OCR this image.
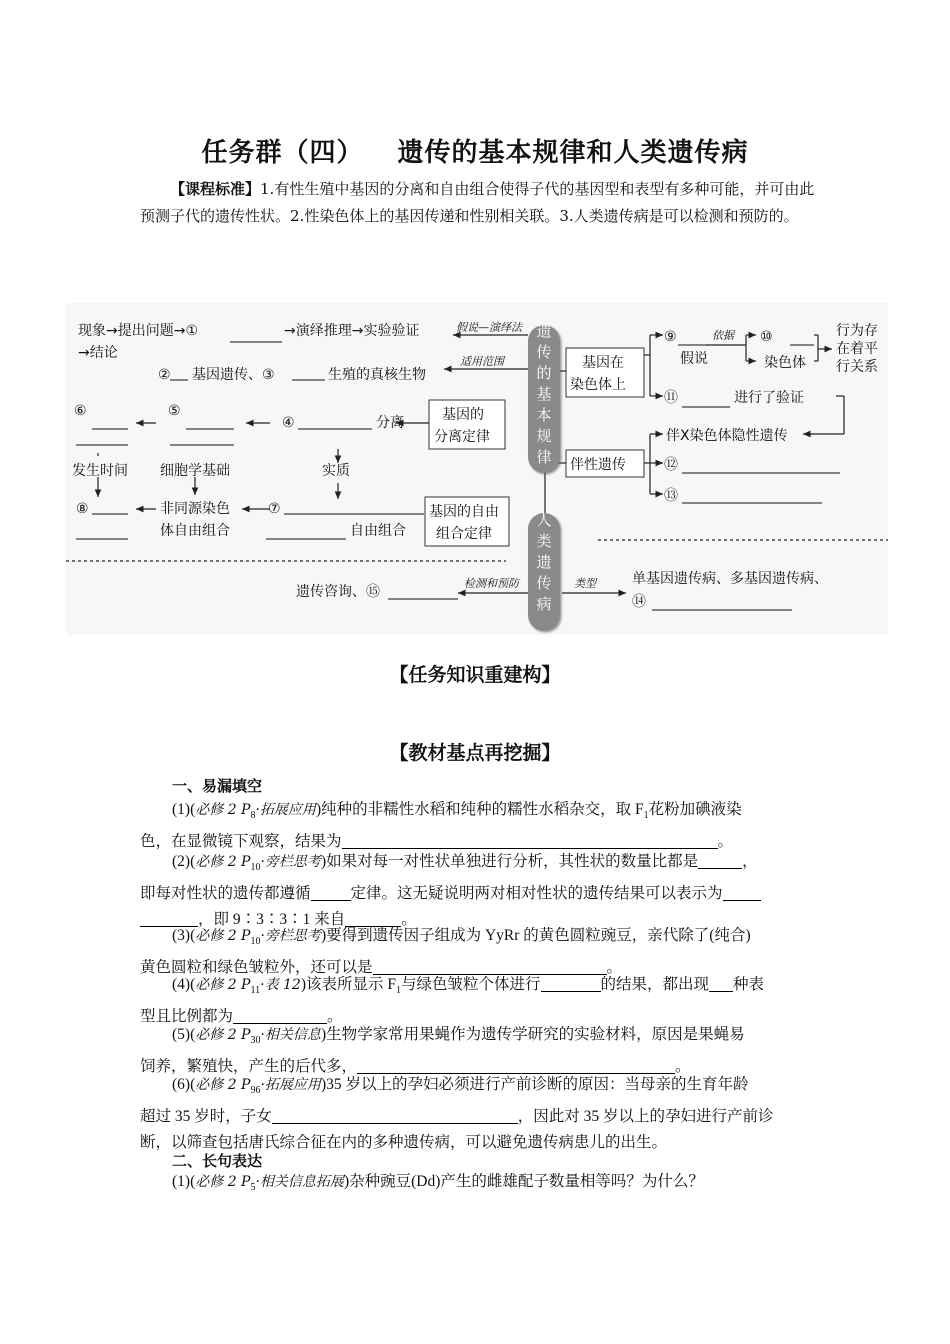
任务群（四） 遗传的基本规律和人类遗传病
【课程标准】1.有性生殖中基因的分离和自由组合使得子代的基因型和表型有多种可能，并可由此预测子代的遗传性状。2.性染色体上的基因传递和性别相关联。3.人类遗传病是可以检测和预防的。
遗传的基本规律
人类遗传病
现象→提出问题→①	→演绎推理→实验验证
→结论
② 基因遗传、③	生殖的真核生物
⑥	⑤
④	分离	基因的
分离定律
发生时间 细胞学基础	实质
⑧	非同源染色
体自由组合
⑦
自由组合
基因的自由
组合定律
基因在
染色体上
⑨
假说
⑩
染色体
行为存
在着平
行关系
⑪	进行了验证
伴性遗传
伴X染色体隐性遗传
⑫
⑬
遗传咨询、⑮
单基因遗传病、多基因遗传病、
⑭
假说—演绎法
适用范围
依据
检测和预防	类型
【任务知识重建构】
【教材基点再挖掘】
一、易漏填空
(1)(必修 2 $P_8\cdot$拓展应用)纯种的非糯性水稻和纯种的糯性水稻杂交，取 $F_1$花粉加碘液染
色，在显微镜下观察，结果为	。
(2)(必修 2 $P_{10}\cdot$旁栏思考)如果对每一对性状单独进行分析，其性状的数量比都是	，
即每对性状的遗传都遵循	定律。这无疑说明两对相对性状的遗传结果可以表示为
，即 9∶3∶3∶1 来自	。
(3)(必修 2 $P_{10}\cdot$旁栏思考)要得到遗传因子组成为 YyRr 的黄色圆粒豌豆，亲代除了(纯合)
黄色圆粒和绿色皱粒外，还可以是	。
(4)(必修 2 $P_{11}\cdot$表 12)该表所显示 $F_1$与绿色皱粒个体进行	的结果，都出现 种表
型且比例都为	。
(5)(必修 2 $P_{30}\cdot$相关信息)生物学家常用果蝇作为遗传学研究的实验材料，原因是果蝇易
饲养，繁殖快，产生的后代多，	。
(6)(必修 2 $P_{96}\cdot$拓展应用)35 岁以上的孕妇必须进行产前诊断的原因：当母亲的生育年龄
超过 35 岁时，子女	，因此对 35 岁以上的孕妇进行产前诊
断，以筛查包括唐氏综合征在内的多种遗传病，可以避免遗传病患儿的出生。
二、长句表达
(1)(必修 2 $P_5\cdot$相关信息拓展)杂种豌豆(Dd)产生的雌雄配子数量相等吗？为什么？
